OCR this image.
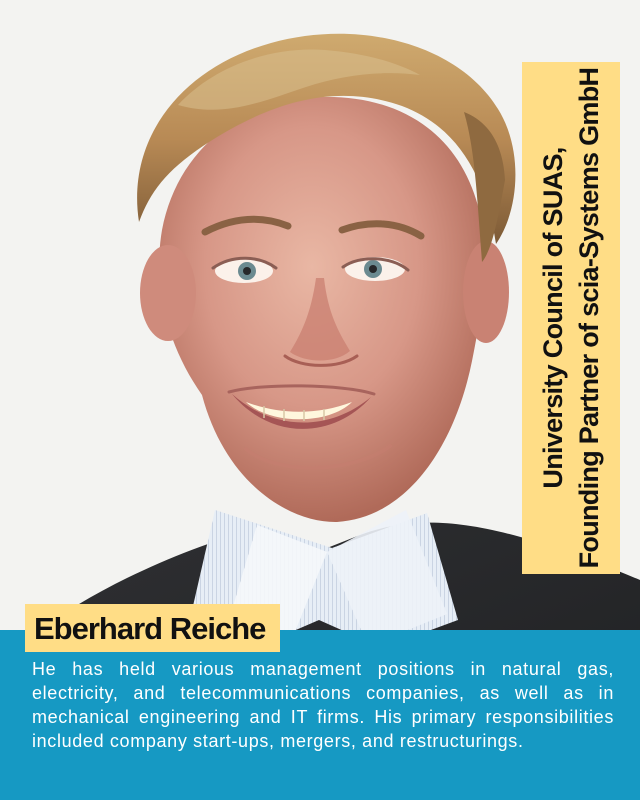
University Council of SUAS, Founding Partner of scia-Systems GmbH

He has held various management positions in natural gas, electricity, and telecommunications companies, as well as in mechanical engineering and IT firms. His primary responsibilities included company start-ups, mergers, and restructurings.

Eberhard Reiche
